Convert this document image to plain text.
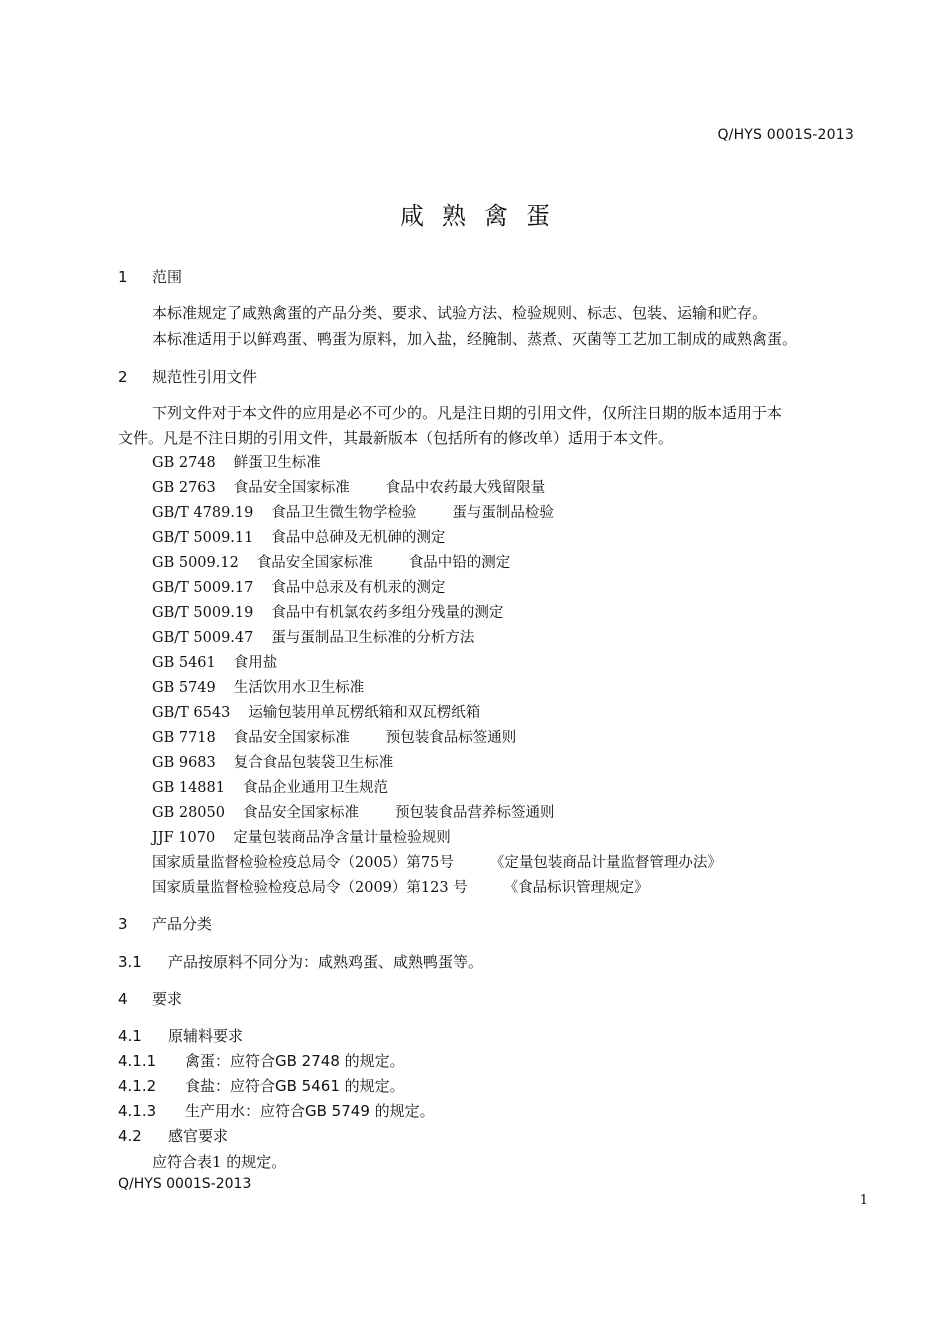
Q/HYS 0001S-2013
咸熟禽蛋
1 范围
本标准规定了咸熟禽蛋的产品分类、要求、试验方法、检验规则、标志、包装、运输和贮存。
本标准适用于以鲜鸡蛋、鸭蛋为原料，加入盐，经腌制、蒸煮、灭菌等工艺加工制成的咸熟禽蛋。
2 规范性引用文件
下列文件对于本文件的应用是必不可少的。凡是注日期的引用文件，仅所注日期的版本适用于本
文件。凡是不注日期的引用文件，其最新版本（包括所有的修改单）适用于本文件。
GB 2748 鲜蛋卫生标准
GB 2763 食品安全国家标准 食品中农药最大残留限量
GB/T 4789.19 食品卫生微生物学检验 蛋与蛋制品检验
GB/T 5009.11 食品中总砷及无机砷的测定
GB 5009.12 食品安全国家标准 食品中铅的测定
GB/T 5009.17 食品中总汞及有机汞的测定
GB/T 5009.19 食品中有机氯农药多组分残量的测定
GB/T 5009.47 蛋与蛋制品卫生标准的分析方法
GB 5461 食用盐
GB 5749 生活饮用水卫生标准
GB/T 6543 运输包装用单瓦楞纸箱和双瓦楞纸箱
GB 7718 食品安全国家标准 预包装食品标签通则
GB 9683 复合食品包装袋卫生标准
GB 14881 食品企业通用卫生规范
GB 28050 食品安全国家标准 预包装食品营养标签通则
JJF 1070 定量包装商品净含量计量检验规则
国家质量监督检验检疫总局令（2005）第75号 《定量包装商品计量监督管理办法》
国家质量监督检验检疫总局令（2009）第123 号 《食品标识管理规定》
3 产品分类
3.1 产品按原料不同分为：咸熟鸡蛋、咸熟鸭蛋等。
4 要求
4.1 原辅料要求
4.1.1 禽蛋：应符合GB 2748 的规定。
4.1.2 食盐：应符合GB 5461 的规定。
4.1.3 生产用水：应符合GB 5749 的规定。
4.2 感官要求
应符合表1 的规定。
Q/HYS 0001S-2013
1
